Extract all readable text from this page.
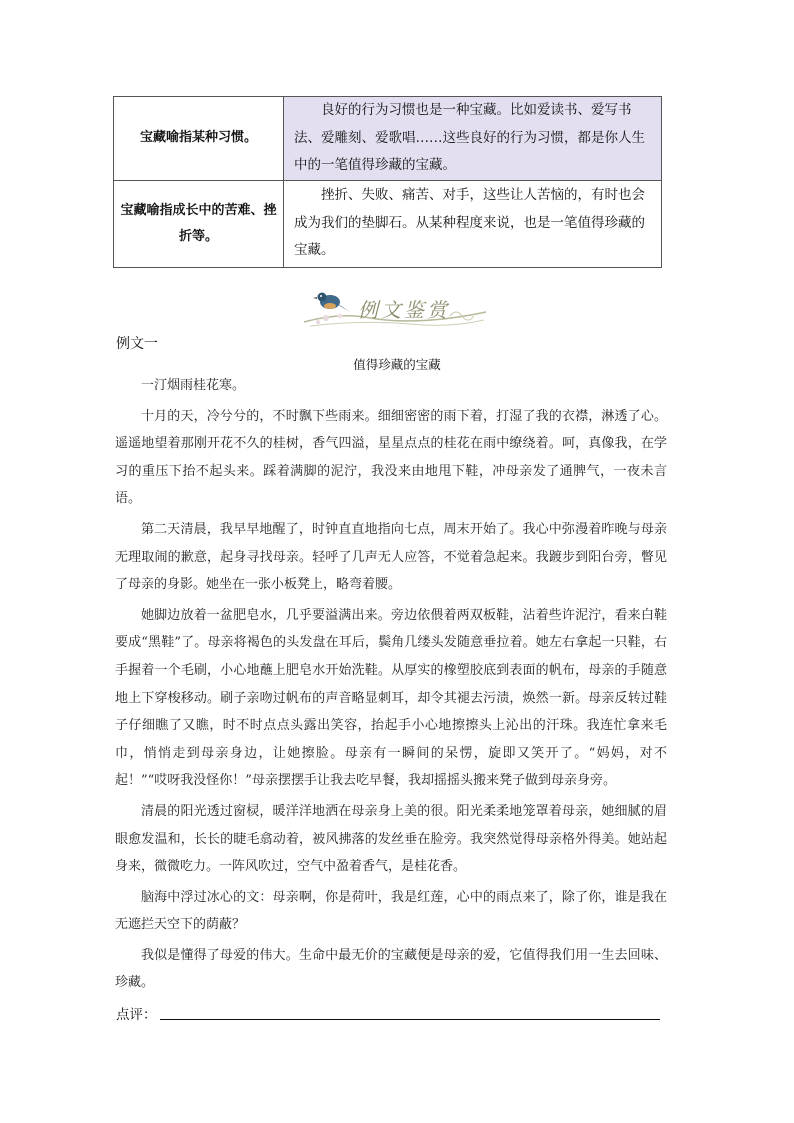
宝藏喻指某种习惯。	良好的行为习惯也是一种宝藏。比如爱读书、爱写书法、爱雕刻、爱歌唱……这些良好的行为习惯，都是你人生中的一笔值得珍藏的宝藏。

宝藏喻指成长中的苦难、挫折等。	挫折、失败、痛苦、对手，这些让人苦恼的，有时也会成为我们的垫脚石。从某种程度来说，也是一笔值得珍藏的宝藏。

例文鉴赏
例文一
值得珍藏的宝藏

一汀烟雨桂花寒。

十月的天，冷兮兮的，不时飘下些雨来。细细密密的雨下着，打湿了我的衣襟，淋透了心。遥遥地望着那刚开花不久的桂树，香气四溢，星星点点的桂花在雨中缭绕着。呵，真像我，在学习的重压下抬不起头来。踩着满脚的泥泞，我没来由地甩下鞋，冲母亲发了通脾气，一夜未言语。

第二天清晨，我早早地醒了，时钟直直地指向七点，周末开始了。我心中弥漫着昨晚与母亲无理取闹的歉意，起身寻找母亲。轻呼了几声无人应答，不觉着急起来。我踱步到阳台旁，瞥见了母亲的身影。她坐在一张小板凳上，略弯着腰。

她脚边放着一盆肥皂水，几乎要溢满出来。旁边依偎着两双板鞋，沾着些许泥泞，看来白鞋要成“黑鞋”了。母亲将褐色的头发盘在耳后，鬓角几缕头发随意垂拉着。她左右拿起一只鞋，右手握着一个毛刷，小心地蘸上肥皂水开始洗鞋。从厚实的橡塑胶底到表面的帆布，母亲的手随意地上下穿梭移动。刷子亲吻过帆布的声音略显刺耳，却令其褪去污渍，焕然一新。母亲反转过鞋子仔细瞧了又瞧，时不时点点头露出笑容，抬起手小心地擦擦头上沁出的汗珠。我连忙拿来毛巾，悄悄走到母亲身边，让她擦脸。母亲有一瞬间的呆愣，旋即又笑开了。“妈妈，对不起！”“哎呀我没怪你！”母亲摆摆手让我去吃早餐，我却摇摇头搬来凳子做到母亲身旁。

清晨的阳光透过窗棂，暖洋洋地洒在母亲身上美的很。阳光柔柔地笼罩着母亲，她细腻的眉眼愈发温和，长长的睫毛翕动着，被风拂落的发丝垂在脸旁。我突然觉得母亲格外得美。她站起身来，微微吃力。一阵风吹过，空气中盈着香气，是桂花香。

脑海中浮过冰心的文：母亲啊，你是荷叶，我是红莲，心中的雨点来了，除了你，谁是我在无遮拦天空下的荫蔽？

我似是懂得了母爱的伟大。生命中最无价的宝藏便是母亲的爱，它值得我们用一生去回味、珍藏。

点评：
